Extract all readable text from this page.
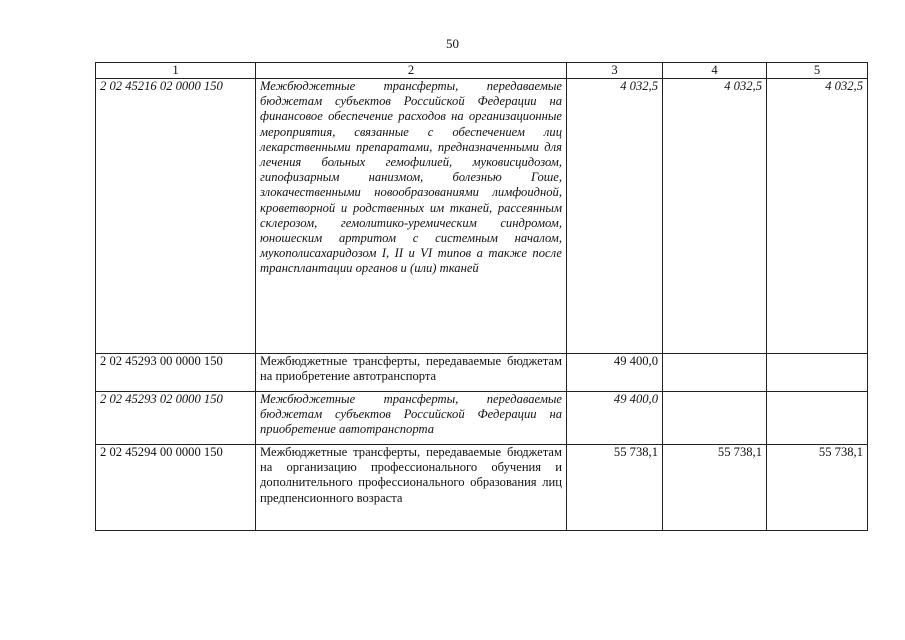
50
1	2	3	4	5
2 02 45216 02 0000 150	Межбюджетные трансферты, передаваемые бюджетам субъектов Российской Федерации на финансовое обеспечение расходов на организационные мероприятия, связанные с обеспечением лиц лекарственными препаратами, предназначенными для лечения больных гемофилией, муковисцидозом, гипофизарным нанизмом, болезнью Гоше, злокачественными новообразованиями лимфоидной, кроветворной и родственных им тканей, рассеянным склерозом, гемолитико-уремическим синдромом, юношеским артритом с системным началом, мукополисахаридозом I, II и VI типов а также после трансплантации органов и (или) тканей	4 032,5	4 032,5	4 032,5
2 02 45293 00 0000 150	Межбюджетные трансферты, передаваемые бюджетам на приобретение автотранспорта	49 400,0		
2 02 45293 02 0000 150	Межбюджетные трансферты, передаваемые бюджетам субъектов Российской Федерации на приобретение автотранспорта	49 400,0		
2 02 45294 00 0000 150	Межбюджетные трансферты, передаваемые бюджетам на организацию профессионального обучения и дополнительного профессионального образования лиц предпенсионного возраста	55 738,1	55 738,1	55 738,1
